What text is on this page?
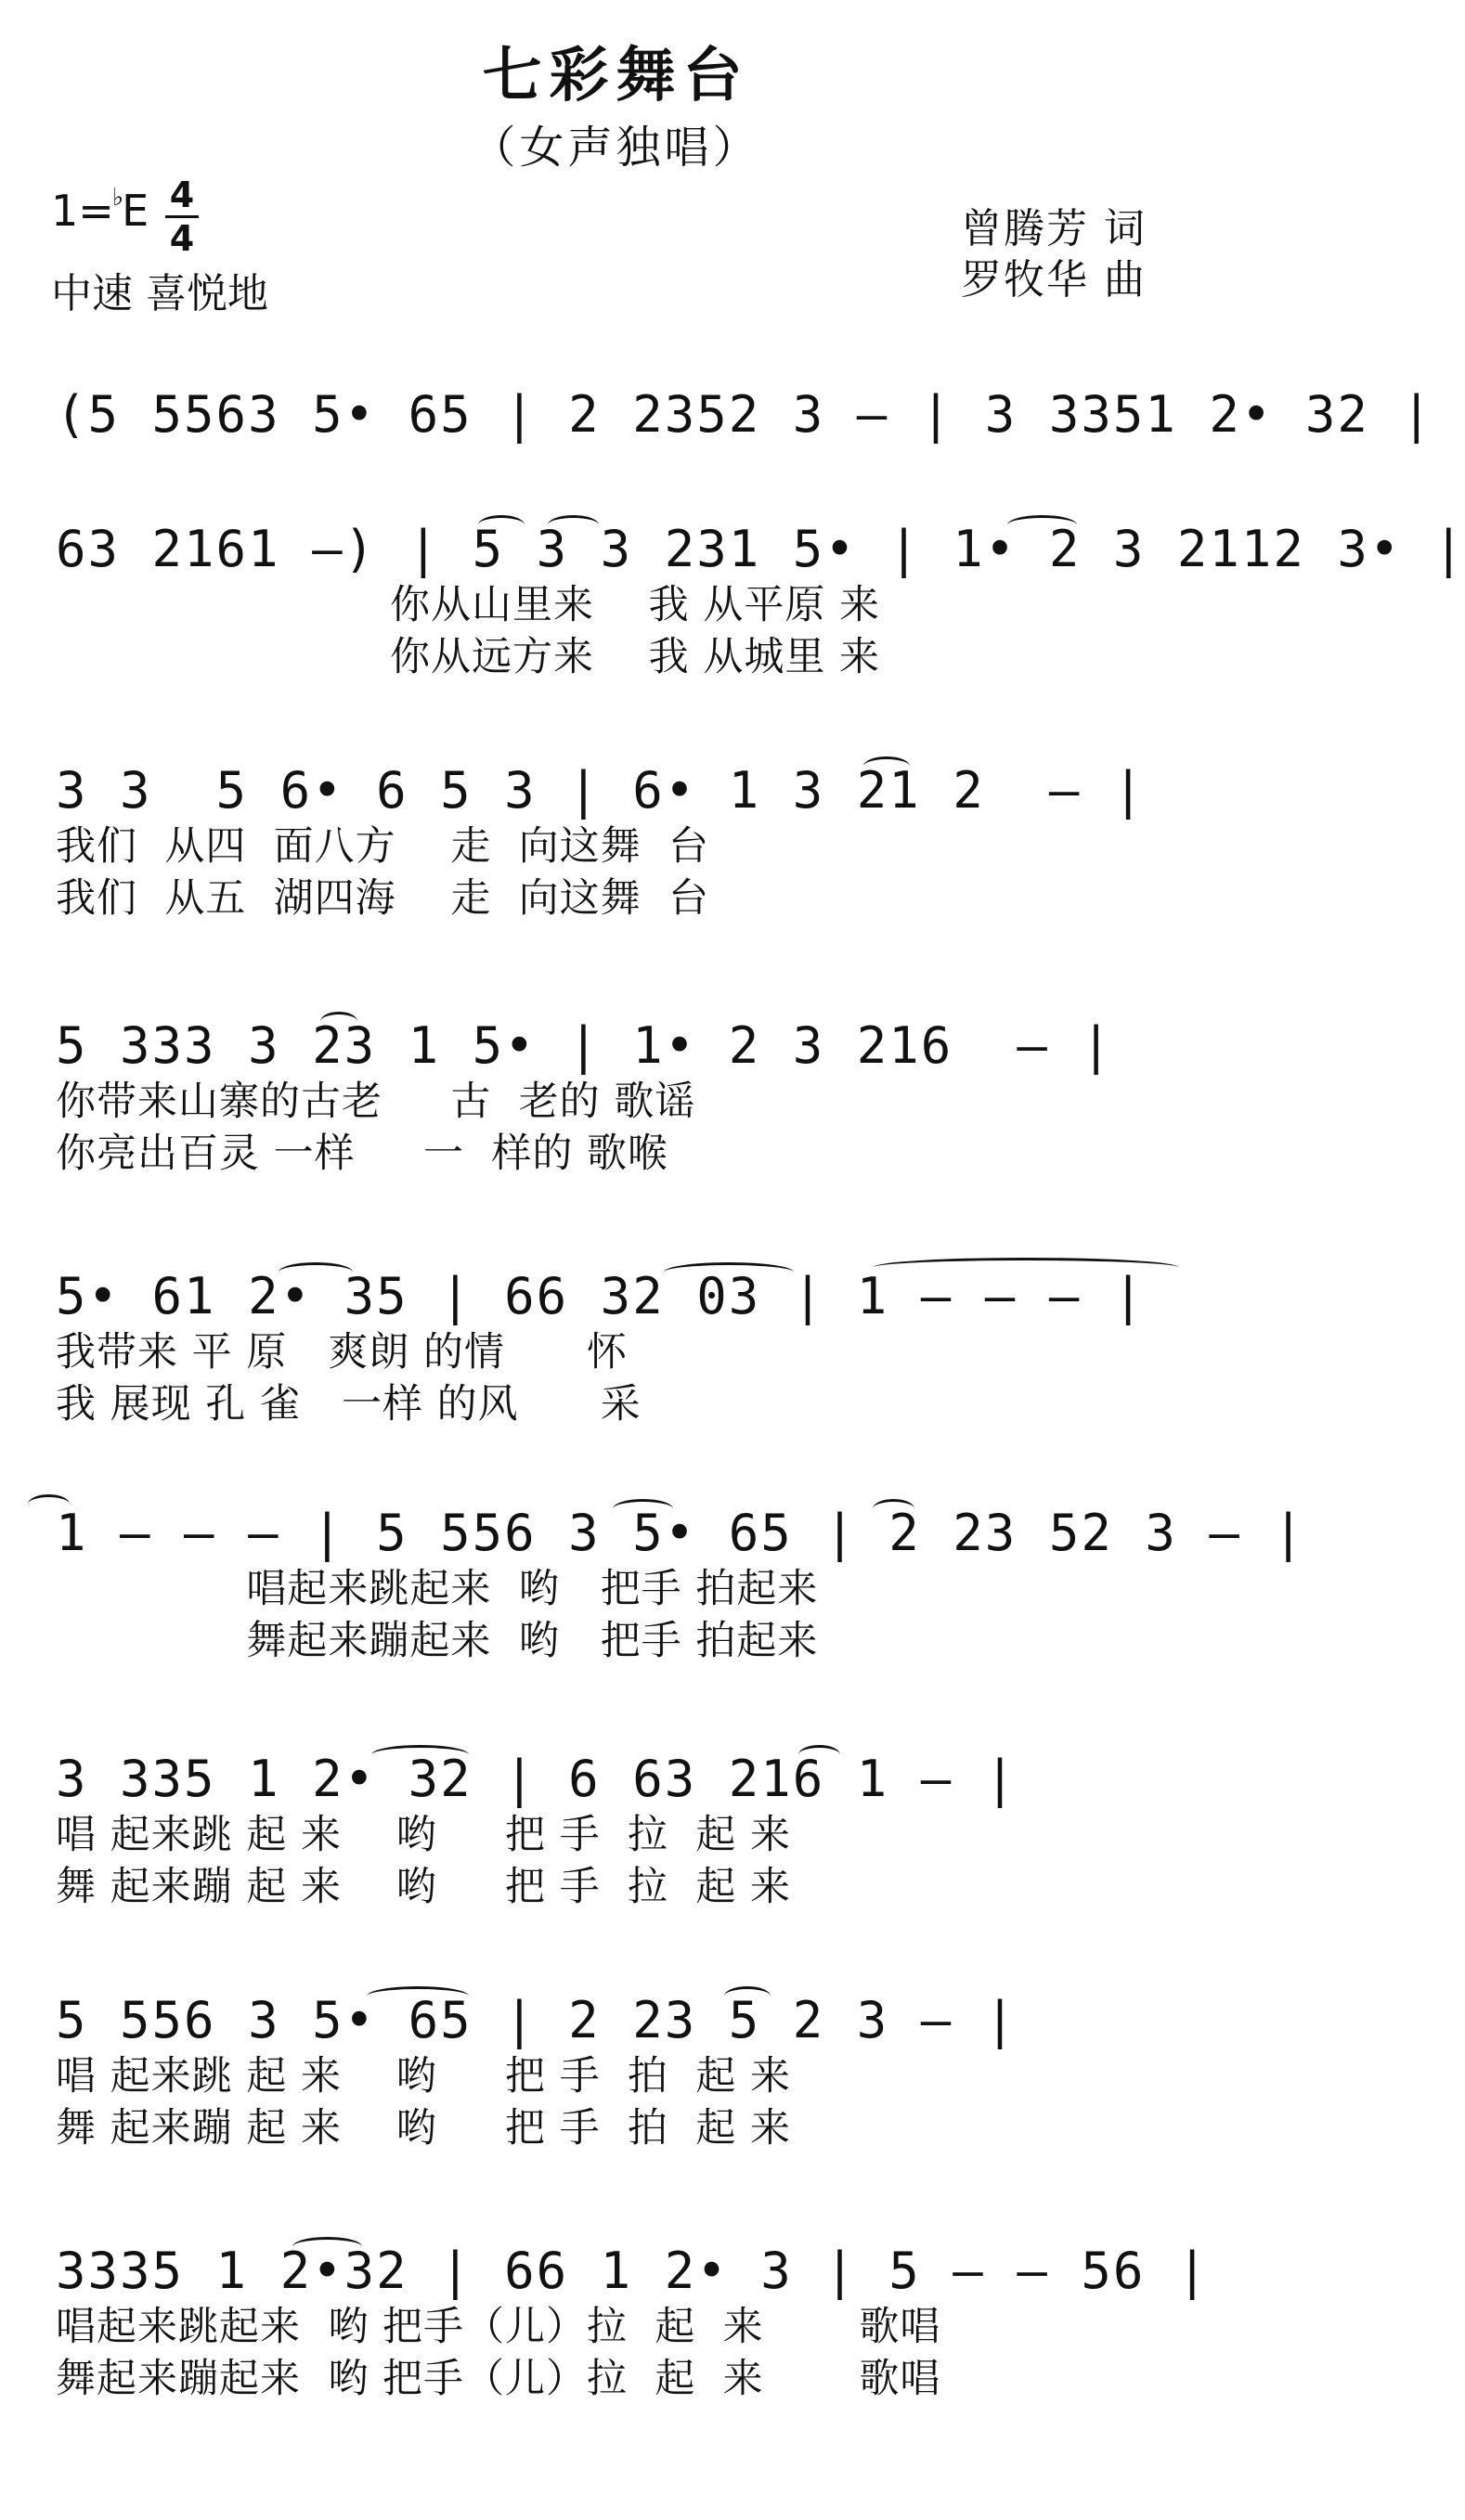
七彩舞台
（女声独唱）
1=♭E 4
4
中速 喜悦地
曾腾芳 词
罗牧华 曲
(5 5563 5• 65 | 2 2352 3 – | 3 3351 2• 32 |
63 2161 –) | 5 3 3 231 5• | 1• 2 3 2112 3• |
你从山里来    我 从平原 来
你从远方来    我 从城里 来
3 3  5 6• 6 5 3 | 6• 1 3 21 2  – |
我们  从四  面八方    走  向这舞  台
我们  从五  湖四海    走  向这舞  台
5 333 3 23 1 5• | 1• 2 3 216  – |
你带来山寨的古老     古  老的 歌谣
你亮出百灵 一样     一  样的 歌喉
5• 61 2• 35 | 66 32 03 | 1 – – – |
我带来 平 原   爽朗 的情      怀
我 展现 孔 雀   一样 的风      采
1 – – – | 5 556 3 5• 65 | 2 23 52 3 – |
唱起来跳起来  哟   把手 拍起来
舞起来蹦起来  哟   把手 拍起来
3 335 1 2• 32 | 6 63 216 1 – |
唱 起来跳 起 来    哟     把 手  拉  起 来
舞 起来蹦 起 来    哟     把 手  拉  起 来
5 556 3 5• 65 | 2 23 5 2 3 – |
唱 起来跳 起 来    哟     把 手  拍  起 来
舞 起来蹦 起 来    哟     把 手  拍  起 来
3335 1 2•32 | 66 1 2• 3 | 5 – – 56 |
唱起来跳起来  哟 把手（儿）拉  起  来       歌唱
舞起来蹦起来  哟 把手（儿）拉  起  来       歌唱
